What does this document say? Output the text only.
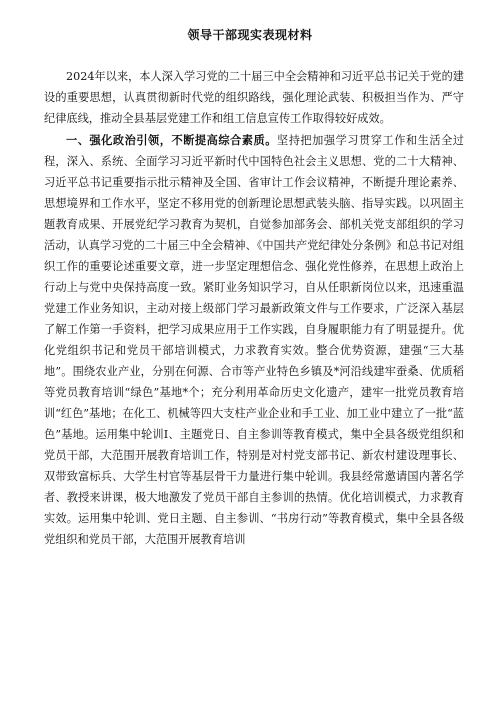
领导干部现实表现材料

2024年以来，本人深入学习党的二十届三中全会精神和习近平总书记关于党的建设的重要思想，认真贯彻新时代党的组织路线，强化理论武装、积极担当作为、严守纪律底线，推动全县基层党建工作和组工信息宣传工作取得较好成效。

一、强化政治引领，不断提高综合素质。坚持把加强学习贯穿工作和生活全过程，深入、系统、全面学习习近平新时代中国特色社会主义思想、党的二十大精神、习近平总书记重要指示批示精神及全国、省审计工作会议精神，不断提升理论素养、思想境界和工作水平，坚定不移用党的创新理论思想武装头脑、指导实践。以巩固主题教育成果、开展党纪学习教育为契机，自觉参加部务会、部机关党支部组织的学习活动，认真学习党的二十届三中全会精神、《中国共产党纪律处分条例》和总书记对组织工作的重要论述重要文章，进一步坚定理想信念、强化党性修养，在思想上政治上行动上与党中央保持高度一致。紧盯业务知识学习，自从任职新岗位以来，迅速重温党建工作业务知识，主动对接上级部门学习最新政策文件与工作要求，广泛深入基层了解工作第一手资料，把学习成果应用于工作实践，自身履职能力有了明显提升。优化党组织书记和党员干部培训模式，力求教育实效。整合优势资源，建强“三大基地”。围绕农业产业，分别在何源、合市等产业特色乡镇及*河沿线建牢蚕桑、优质稻等党员教育培训“绿色”基地*个；充分利用革命历史文化遗产，建牢一批党员教育培训“红色”基地；在化工、机械等四大支柱产业企业和手工业、加工业中建立了一批“蓝色”基地。运用集中轮训I、主题党日、自主参训等教育模式，集中全县各级党组织和党员干部，大范围开展教育培训工作，特别是对村党支部书记、新农村建设理事长、双带致富标兵、大学生村官等基层骨干力量进行集中轮训。我县经常邀请国内著名学者、教授来讲课，极大地激发了党员干部自主参训的热情。优化培训模式，力求教育实效。运用集中轮训、党日主题、自主参训、“书房行动”等教育模式，集中全县各级党组织和党员干部，大范围开展教育培训
